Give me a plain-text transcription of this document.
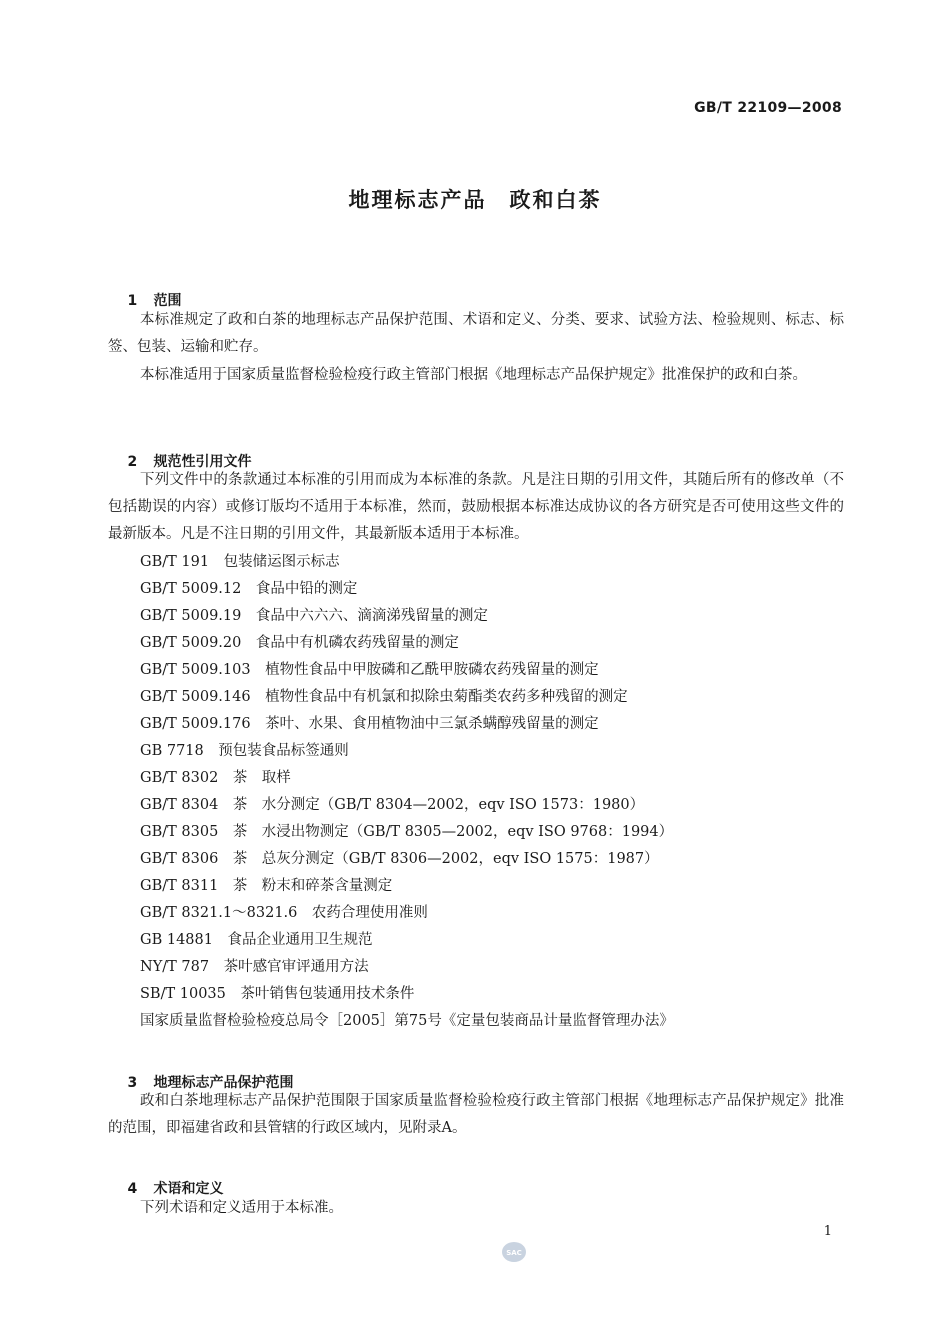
GB/T 22109—2008
地理标志产品　政和白茶

1 范围

本标准规定了政和白茶的地理标志产品保护范围、术语和定义、分类、要求、试验方法、检验规则、标志、标签、包装、运输和贮存。
本标准适用于国家质量监督检验检疫行政主管部门根据《地理标志产品保护规定》批准保护的政和白茶。

2 规范性引用文件

下列文件中的条款通过本标准的引用而成为本标准的条款。凡是注日期的引用文件，其随后所有的修改单（不包括勘误的内容）或修订版均不适用于本标准，然而，鼓励根据本标准达成协议的各方研究是否可使用这些文件的最新版本。凡是不注日期的引用文件，其最新版本适用于本标准。
GB/T 191　包装储运图示标志
GB/T 5009.12　食品中铅的测定
GB/T 5009.19　食品中六六六、滴滴涕残留量的测定
GB/T 5009.20　食品中有机磷农药残留量的测定
GB/T 5009.103　植物性食品中甲胺磷和乙酰甲胺磷农药残留量的测定
GB/T 5009.146　植物性食品中有机氯和拟除虫菊酯类农药多种残留的测定
GB/T 5009.176　茶叶、水果、食用植物油中三氯杀螨醇残留量的测定
GB 7718　预包装食品标签通则
GB/T 8302　茶　取样
GB/T 8304　茶　水分测定（GB/T 8304—2002，eqv ISO 1573：1980）
GB/T 8305　茶　水浸出物测定（GB/T 8305—2002，eqv ISO 9768：1994）
GB/T 8306　茶　总灰分测定（GB/T 8306—2002，eqv ISO 1575：1987）
GB/T 8311　茶　粉末和碎茶含量测定
GB/T 8321.1～8321.6　农药合理使用准则
GB 14881　食品企业通用卫生规范
NY/T 787　茶叶感官审评通用方法
SB/T 10035　茶叶销售包装通用技术条件
国家质量监督检验检疫总局令［2005］第75号《定量包装商品计量监督管理办法》

3 地理标志产品保护范围

政和白茶地理标志产品保护范围限于国家质量监督检验检疫行政主管部门根据《地理标志产品保护规定》批准的范围，即福建省政和县管辖的行政区域内，见附录A。

4 术语和定义

下列术语和定义适用于本标准。
1
SAC
